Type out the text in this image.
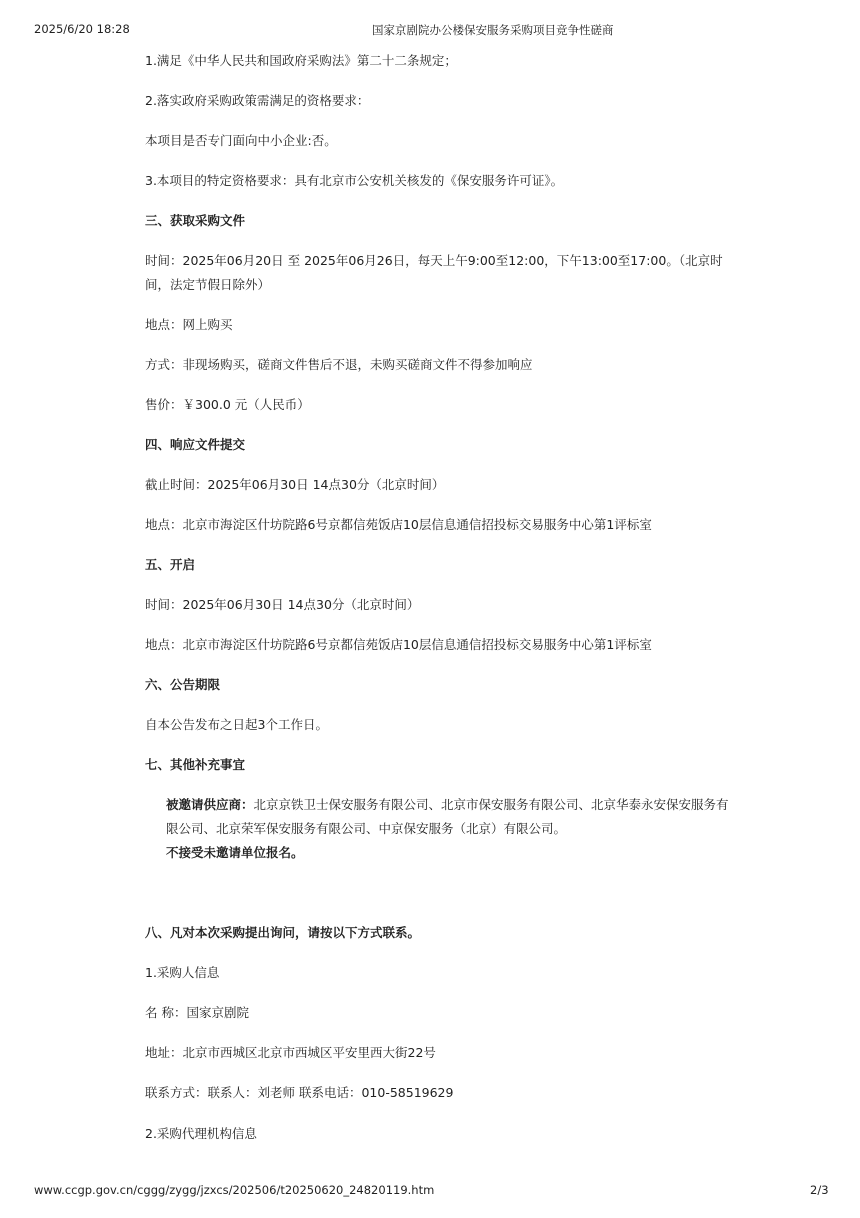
2025/6/20 18:28	国家京剧院办公楼保安服务采购项目竞争性磋商
1.满足《中华人民共和国政府采购法》第二十二条规定；
2.落实政府采购政策需满足的资格要求：
本项目是否专门面向中小企业:否。
3.本项目的特定资格要求：具有北京市公安机关核发的《保安服务许可证》。
三、获取采购文件
时间：2025年06月20日 至 2025年06月26日，每天上午9:00至12:00，下午13:00至17:00。（北京时间，法定节假日除外）
地点：网上购买
方式：非现场购买，磋商文件售后不退，未购买磋商文件不得参加响应
售价：￥300.0 元（人民币）
四、响应文件提交
截止时间：2025年06月30日 14点30分（北京时间）
地点：北京市海淀区什坊院路6号京都信苑饭店10层信息通信招投标交易服务中心第1评标室
五、开启
时间：2025年06月30日 14点30分（北京时间）
地点：北京市海淀区什坊院路6号京都信苑饭店10层信息通信招投标交易服务中心第1评标室
六、公告期限
自本公告发布之日起3个工作日。
七、其他补充事宜
被邀请供应商：北京京铁卫士保安服务有限公司、北京市保安服务有限公司、北京华泰永安保安服务有限公司、北京荣军保安服务有限公司、中京保安服务（北京）有限公司。
不接受未邀请单位报名。
八、凡对本次采购提出询问，请按以下方式联系。
1.采购人信息
名 称：国家京剧院
地址：北京市西城区北京市西城区平安里西大街22号
联系方式：联系人：刘老师 联系电话：010-58519629
2.采购代理机构信息
www.ccgp.gov.cn/cggg/zygg/jzxcs/202506/t20250620_24820119.htm	2/3
